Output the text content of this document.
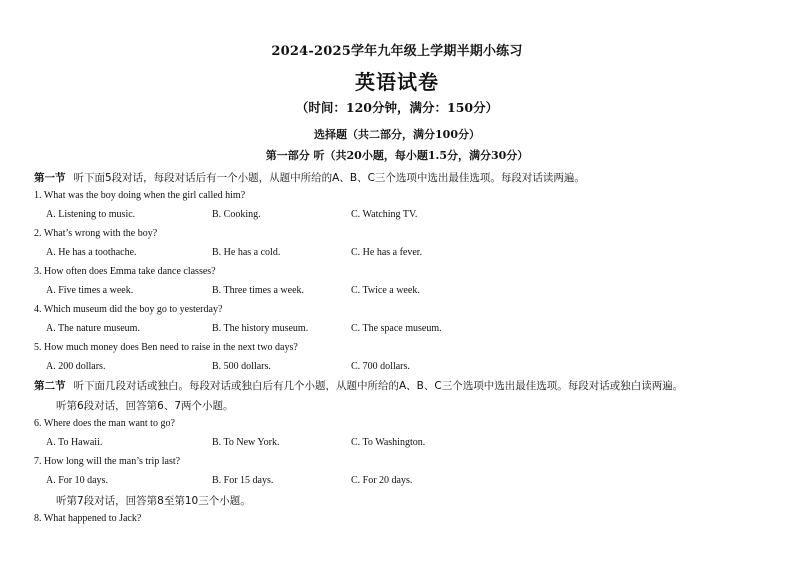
2024-2025学年九年级上学期半期小练习
英语试卷
（时间：120分钟，满分：150分）
选择题（共二部分，满分100分）
第一部分 听（共20小题，每小题1.5分，满分30分）
第一节 听下面5段对话，每段对话后有一个小题，从题中所给的A、B、C三个选项中选出最佳选项。每段对话读两遍。
1. What was the boy doing when the girl called him?
A. Listening to music.	B. Cooking.	C. Watching TV.
2. What’s wrong with the boy?
A. He has a toothache.	B. He has a cold.	C. He has a fever.
3. How often does Emma take dance classes?
A. Five times a week.	B. Three times a week.	C. Twice a week.
4. Which museum did the boy go to yesterday?
A. The nature museum.	B. The history museum.	C. The space museum.
5. How much money does Ben need to raise in the next two days?
A. 200 dollars.	B. 500 dollars.	C. 700 dollars.
第二节 听下面几段对话或独白。每段对话或独白后有几个小题，从题中所给的A、B、C三个选项中选出最佳选项。每段对话或独白读两遍。
听第6段对话，回答第6、7两个小题。
6. Where does the man want to go?
A. To Hawaii.	B. To New York.	C. To Washington.
7. How long will the man’s trip last?
A. For 10 days.	B. For 15 days.	C. For 20 days.
听第7段对话，回答第8至第10三个小题。
8. What happened to Jack?
